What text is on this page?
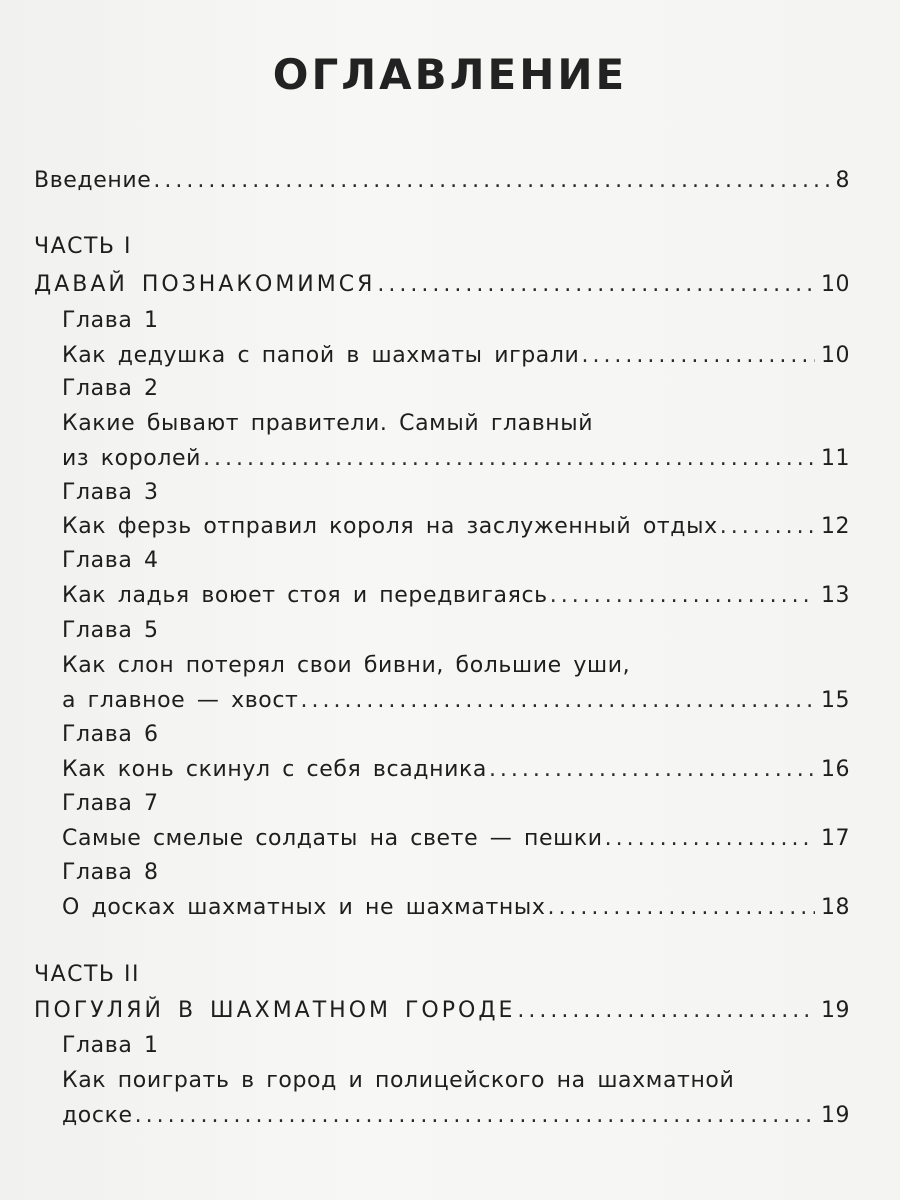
ОГЛАВЛЕНИЕ
Введение .....	8
ЧАСТЬ I
ДАВАЙ ПОЗНАКОМИМСЯ .....	10
Глава 1
Как дедушка с папой в шахматы играли .....	10
Глава 2
Какие бывают правители. Самый главный
из королей .....	11
Глава 3
Как ферзь отправил короля на заслуженный отдых .....	12
Глава 4
Как ладья воюет стоя и передвигаясь .....	13
Глава 5
Как слон потерял свои бивни, большие уши,
а главное — хвост .....	15
Глава 6
Как конь скинул с себя всадника .....	16
Глава 7
Самые смелые солдаты на свете — пешки .....	17
Глава 8
О досках шахматных и не шахматных .....	18
ЧАСТЬ II
ПОГУЛЯЙ В ШАХМАТНОМ ГОРОДЕ .....	19
Глава 1
Как поиграть в город и полицейского на шахматной
доске .....	19
